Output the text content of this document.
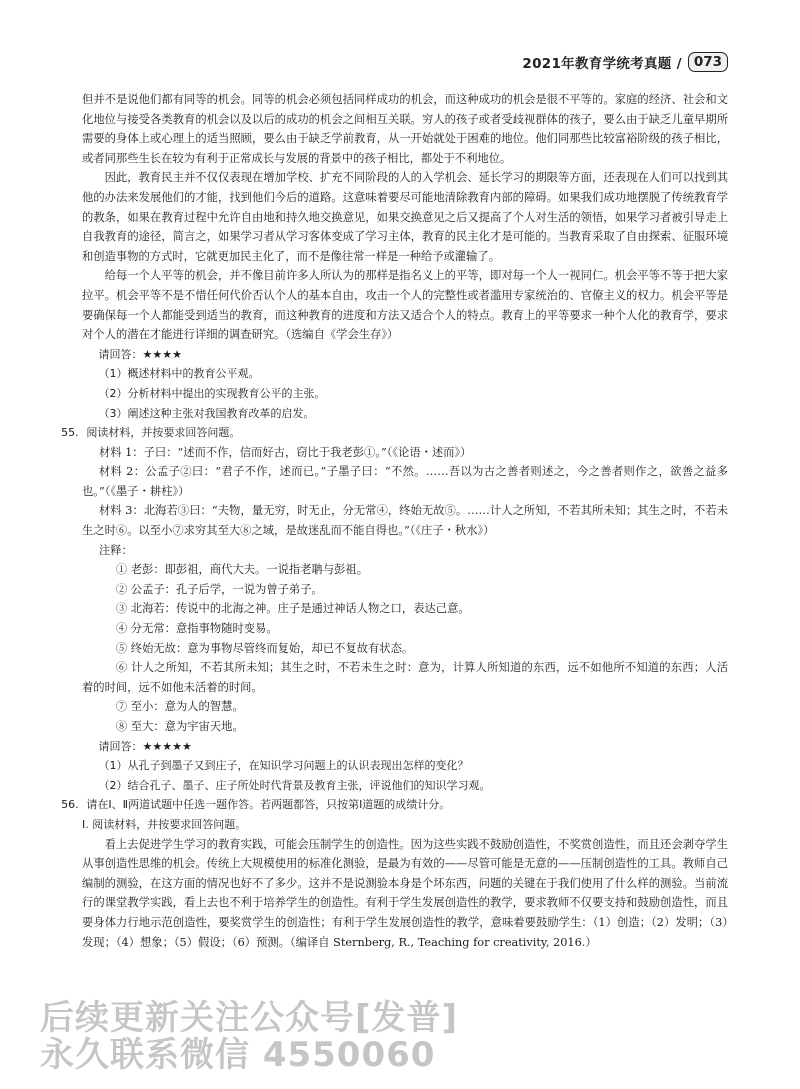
2021年教育学统考真题 / 073

但并不是说他们都有同等的机会。同等的机会必须包括同样成功的机会，而这种成功的机会是很不平等的。家庭的经济、社会和文化地位与接受各类教育的机会以及以后的成功的机会之间相互关联。穷人的孩子或者受歧视群体的孩子，要么由于缺乏儿童早期所需要的身体上或心理上的适当照顾，要么由于缺乏学前教育，从一开始就处于困难的地位。他们同那些比较富裕阶级的孩子相比，或者同那些生长在较为有利于正常成长与发展的背景中的孩子相比，都处于不利地位。

因此，教育民主并不仅仅表现在增加学校、扩充不同阶段的人的入学机会、延长学习的期限等方面，还表现在人们可以找到其他的办法来发展他们的才能，找到他们今后的道路。这意味着要尽可能地清除教育内部的障碍。如果我们成功地摆脱了传统教育学的教条，如果在教育过程中允许自由地和持久地交换意见，如果交换意见之后又提高了个人对生活的领悟，如果学习者被引导走上自我教育的途径，简言之，如果学习者从学习客体变成了学习主体，教育的民主化才是可能的。当教育采取了自由探索、征服环境和创造事物的方式时，它就更加民主化了，而不是像往常一样是一种给予或灌输了。

给每一个人平等的机会，并不像目前许多人所认为的那样是指名义上的平等，即对每一个人一视同仁。机会平等不等于把大家拉平。机会平等不是不惜任何代价否认个人的基本自由，攻击一个人的完整性或者滥用专家统治的、官僚主义的权力。机会平等是要确保每一个人都能受到适当的教育，而这种教育的进度和方法又适合个人的特点。教育上的平等要求一种个人化的教育学，要求对个人的潜在才能进行详细的调查研究。（选编自《学会生存》）

请回答：★★★★

（1）概述材料中的教育公平观。

（2）分析材料中提出的实现教育公平的主张。

（3）阐述这种主张对我国教育改革的启发。

55. 阅读材料，并按要求回答问题。

材料 1：子曰：“述而不作，信而好古，窃比于我老彭①。”（《论语・述而》）

材料 2：公孟子②曰：“君子不作，述而已。”子墨子曰：“不然。……吾以为古之善者则述之，今之善者则作之，欲善之益多也。”（《墨子・耕柱》）

材料 3：北海若③曰：“夫物，量无穷，时无止，分无常④，终始无故⑤。……计人之所知，不若其所未知；其生之时，不若未生之时⑥。以至小⑦求穷其至大⑧之域，是故迷乱而不能自得也。”（《庄子・秋水》）

注释：

① 老彭：即彭祖，商代大夫。一说指老聃与彭祖。

② 公孟子：孔子后学，一说为曾子弟子。

③ 北海若：传说中的北海之神。庄子是通过神话人物之口，表达己意。

④ 分无常：意指事物随时变易。

⑤ 终始无故：意为事物尽管终而复始，却已不复故有状态。

⑥ 计人之所知，不若其所未知；其生之时，不若未生之时：意为，计算人所知道的东西，远不如他所不知道的东西；人活着的时间，远不如他未活着的时间。

⑦ 至小：意为人的智慧。

⑧ 至大：意为宇宙天地。

请回答：★★★★★

（1）从孔子到墨子又到庄子，在知识学习问题上的认识表现出怎样的变化？

（2）结合孔子、墨子、庄子所处时代背景及教育主张，评说他们的知识学习观。

56. 请在Ⅰ、Ⅱ两道试题中任选一题作答。若两题都答，只按第Ⅰ道题的成绩计分。

Ⅰ. 阅读材料，并按要求回答问题。

看上去促进学生学习的教育实践，可能会压制学生的创造性。因为这些实践不鼓励创造性，不奖赏创造性，而且还会剥夺学生从事创造性思维的机会。传统上大规模使用的标准化测验，是最为有效的——尽管可能是无意的——压制创造性的工具。教师自己编制的测验，在这方面的情况也好不了多少。这并不是说测验本身是个坏东西，问题的关键在于我们使用了什么样的测验。当前流行的课堂教学实践，看上去也不利于培养学生的创造性。有利于学生发展创造性的教学，要求教师不仅要支持和鼓励创造性，而且要身体力行地示范创造性，要奖赏学生的创造性；有利于学生发展创造性的教学，意味着要鼓励学生：（1）创造；（2）发明；（3）发现；（4）想象；（5）假设；（6）预测。（编译自 Sternberg, R., Teaching for creativity, 2016.）

后续更新关注公众号[发普]
永久联系微信 4550060
